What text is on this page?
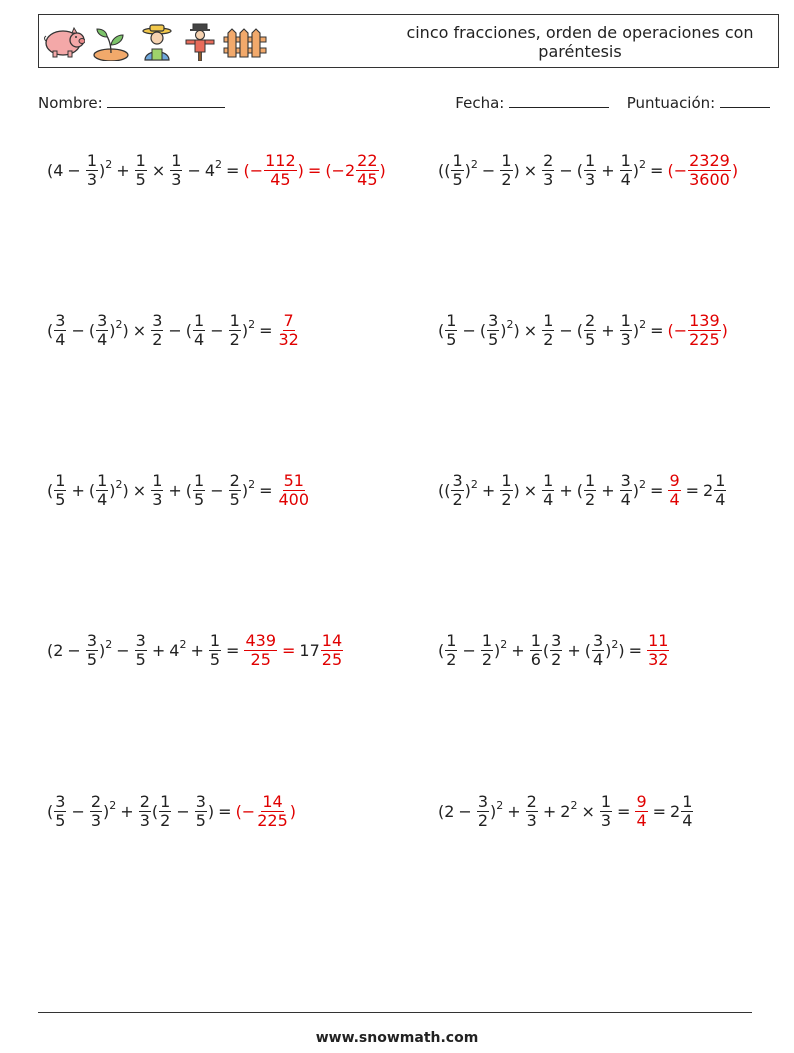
cinco fracciones, orden de operaciones con paréntesis
Nombre:	Fecha:	Puntuación:
$(4 - \frac{1}{3} )^2 + \frac{1}{5} \times \frac{1}{3} - 4^2$ = (− $\frac{112}{45}$ ) = ($-2 \frac{22}{45}$ )	(( $\frac{1}{5} )^2 - \frac{1}{2}$ ) × $\frac{2}{3}$ − ( $\frac{1}{3} + \frac{1}{4} )^2$ = (− $\frac{2329}{3600}$ )
( $\frac{3}{4}$ − ( $\frac{3}{4} )^2$ ) × $\frac{3}{2}$ − ( $\frac{1}{4} - \frac{1}{2} )^2 = \frac{7}{32}$	( $\frac{1}{5}$ − ( $\frac{3}{5} )^2$ ) × $\frac{1}{2}$ − ( $\frac{2}{5} + \frac{1}{3} )^2$ = (− $\frac{139}{225}$ )
( $\frac{1}{5}$ + ( $\frac{1}{4} )^2$ ) × $\frac{1}{3}$ + ( $\frac{1}{5} - \frac{2}{5} )^2 = \frac{51}{400}$	(( $\frac{3}{2} )^2 + \frac{1}{2}$ ) × $\frac{1}{4}$ + ( $\frac{1}{2} + \frac{3}{4} )^2 = \frac{9}{4} = 2 \frac{1}{4}$
$(2 - \frac{3}{5} )^2 - \frac{3}{5} + 4^2 + \frac{1}{5} = \frac{439}{25} = 17 \frac{14}{25}$	( $\frac{1}{2} - \frac{1}{2} )^2 + \frac{1}{6}$ ( $\frac{3}{2}$ + ( $\frac{3}{4} )^2$ ) = $\frac{11}{32}$
( $\frac{3}{5} - \frac{2}{3} )^2 + \frac{2}{3}$ ( $\frac{1}{2} - \frac{3}{5}$ ) = (− $\frac{14}{225}$ )	$(2 - \frac{3}{2} )^2 + \frac{2}{3} + 2^2 \times \frac{1}{3} = \frac{9}{4} = 2 \frac{1}{4}$
www.snowmath.com
